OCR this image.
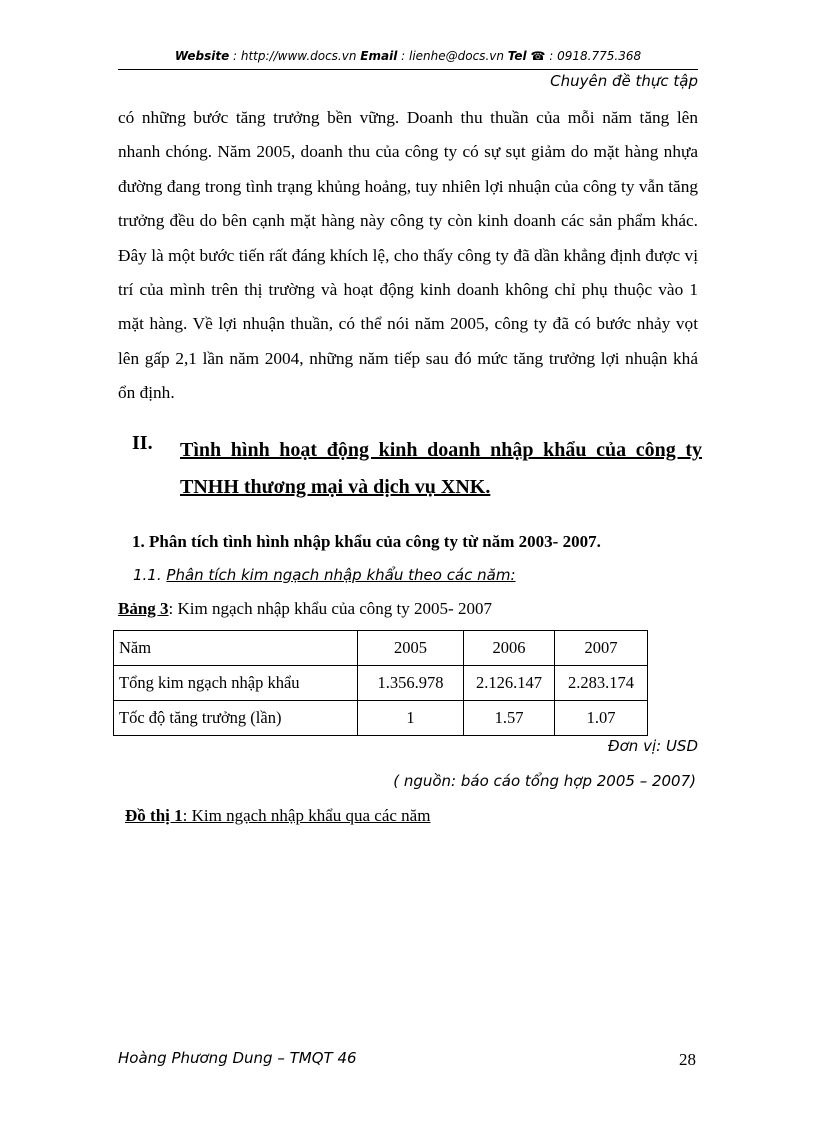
Website : http://www.docs.vn Email : lienhe@docs.vn Tel ☎ : 0918.775.368
Chuyên đề thực tập

có những bước tăng trưởng bền vững. Doanh thu thuần của mỗi năm tăng lên nhanh chóng. Năm 2005, doanh thu của công ty có sự sụt giảm do mặt hàng nhựa đường đang trong tình trạng khủng hoảng, tuy nhiên lợi nhuận của công ty vẫn tăng trưởng đều do bên cạnh mặt hàng này công ty còn kinh doanh các sản phẩm khác. Đây là một bước tiến rất đáng khích lệ, cho thấy công ty đã dần khẳng định được vị trí của mình trên thị trường và hoạt động kinh doanh không chỉ phụ thuộc vào 1 mặt hàng. Về lợi nhuận thuần, có thể nói năm 2005, công ty đã có bước nhảy vọt lên gấp 2,1 lần năm 2004, những năm tiếp sau đó mức tăng trưởng lợi nhuận khá ổn định.

II. Tình hình hoạt động kinh doanh nhập khẩu của công ty
TNHH thương mại và dịch vụ XNK.
1. Phân tích tình hình nhập khẩu của công ty từ năm 2003- 2007.
1.1. Phân tích kim ngạch nhập khẩu theo các năm:
Bảng 3: Kim ngạch nhập khẩu của công ty 2005- 2007
Năm	2005	2006	2007
Tổng kim ngạch nhập khẩu	1.356.978	2.126.147	2.283.174
Tốc độ tăng trưởng (lần)	1	1.57	1.07
Đơn vị: USD
( nguồn: báo cáo tổng hợp 2005 – 2007)
Đồ thị 1: Kim ngạch nhập khẩu qua các năm
Hoàng Phương Dung – TMQT 46	28
